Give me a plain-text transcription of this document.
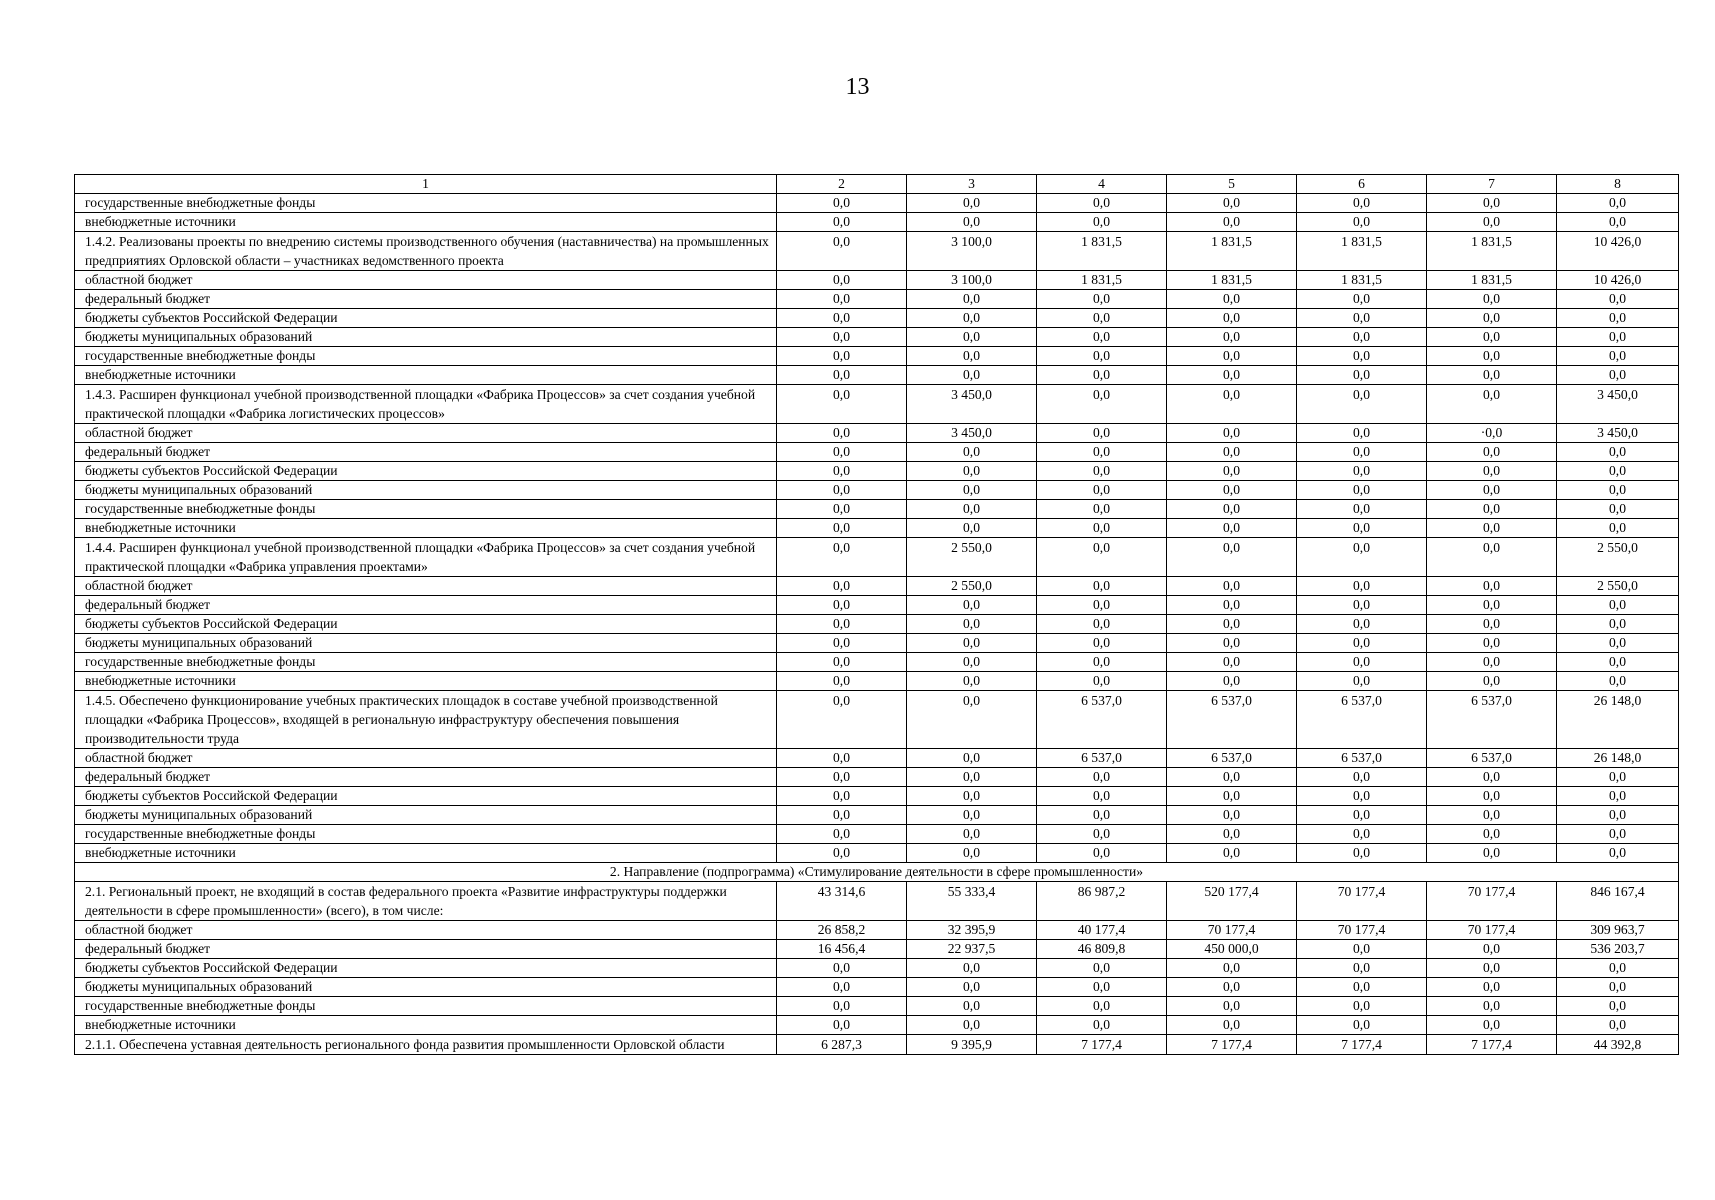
13
1	2	3	4	5	6	7	8
государственные внебюджетные фонды	0,0	0,0	0,0	0,0	0,0	0,0	0,0
внебюджетные источники	0,0	0,0	0,0	0,0	0,0	0,0	0,0
1.4.2. Реализованы проекты по внедрению системы производственного обучения (наставничества) на промышленных предприятиях Орловской области – участниках ведомственного проекта	0,0	3 100,0	1 831,5	1 831,5	1 831,5	1 831,5	10 426,0
областной бюджет	0,0	3 100,0	1 831,5	1 831,5	1 831,5	1 831,5	10 426,0
федеральный бюджет	0,0	0,0	0,0	0,0	0,0	0,0	0,0
бюджеты субъектов Российской Федерации	0,0	0,0	0,0	0,0	0,0	0,0	0,0
бюджеты муниципальных образований	0,0	0,0	0,0	0,0	0,0	0,0	0,0
государственные внебюджетные фонды	0,0	0,0	0,0	0,0	0,0	0,0	0,0
внебюджетные источники	0,0	0,0	0,0	0,0	0,0	0,0	0,0
1.4.3. Расширен функционал учебной производственной площадки «Фабрика Процессов» за счет создания учебной практической площадки «Фабрика логистических процессов»	0,0	3 450,0	0,0	0,0	0,0	0,0	3 450,0
областной бюджет	0,0	3 450,0	0,0	0,0	0,0	·0,0	3 450,0
федеральный бюджет	0,0	0,0	0,0	0,0	0,0	0,0	0,0
бюджеты субъектов Российской Федерации	0,0	0,0	0,0	0,0	0,0	0,0	0,0
бюджеты муниципальных образований	0,0	0,0	0,0	0,0	0,0	0,0	0,0
государственные внебюджетные фонды	0,0	0,0	0,0	0,0	0,0	0,0	0,0
внебюджетные источники	0,0	0,0	0,0	0,0	0,0	0,0	0,0
1.4.4. Расширен функционал учебной производственной площадки «Фабрика Процессов» за счет создания учебной практической площадки «Фабрика управления проектами»	0,0	2 550,0	0,0	0,0	0,0	0,0	2 550,0
областной бюджет	0,0	2 550,0	0,0	0,0	0,0	0,0	2 550,0
федеральный бюджет	0,0	0,0	0,0	0,0	0,0	0,0	0,0
бюджеты субъектов Российской Федерации	0,0	0,0	0,0	0,0	0,0	0,0	0,0
бюджеты муниципальных образований	0,0	0,0	0,0	0,0	0,0	0,0	0,0
государственные внебюджетные фонды	0,0	0,0	0,0	0,0	0,0	0,0	0,0
внебюджетные источники	0,0	0,0	0,0	0,0	0,0	0,0	0,0
1.4.5. Обеспечено функционирование учебных практических площадок в составе учебной производственной площадки «Фабрика Процессов», входящей в региональную инфраструктуру обеспечения повышения производительности труда	0,0	0,0	6 537,0	6 537,0	6 537,0	6 537,0	26 148,0
областной бюджет	0,0	0,0	6 537,0	6 537,0	6 537,0	6 537,0	26 148,0
федеральный бюджет	0,0	0,0	0,0	0,0	0,0	0,0	0,0
бюджеты субъектов Российской Федерации	0,0	0,0	0,0	0,0	0,0	0,0	0,0
бюджеты муниципальных образований	0,0	0,0	0,0	0,0	0,0	0,0	0,0
государственные внебюджетные фонды	0,0	0,0	0,0	0,0	0,0	0,0	0,0
внебюджетные источники	0,0	0,0	0,0	0,0	0,0	0,0	0,0
2. Направление (подпрограмма) «Стимулирование деятельности в сфере промышленности»							
2.1. Региональный проект, не входящий в состав федерального проекта «Развитие инфраструктуры поддержки деятельности в сфере промышленности» (всего), в том числе:	43 314,6	55 333,4	86 987,2	520 177,4	70 177,4	70 177,4	846 167,4
областной бюджет	26 858,2	32 395,9	40 177,4	70 177,4	70 177,4	70 177,4	309 963,7
федеральный бюджет	16 456,4	22 937,5	46 809,8	450 000,0	0,0	0,0	536 203,7
бюджеты субъектов Российской Федерации	0,0	0,0	0,0	0,0	0,0	0,0	0,0
бюджеты муниципальных образований	0,0	0,0	0,0	0,0	0,0	0,0	0,0
государственные внебюджетные фонды	0,0	0,0	0,0	0,0	0,0	0,0	0,0
внебюджетные источники	0,0	0,0	0,0	0,0	0,0	0,0	0,0
2.1.1. Обеспечена уставная деятельность регионального фонда развития промышленности Орловской области	6 287,3	9 395,9	7 177,4	7 177,4	7 177,4	7 177,4	44 392,8
